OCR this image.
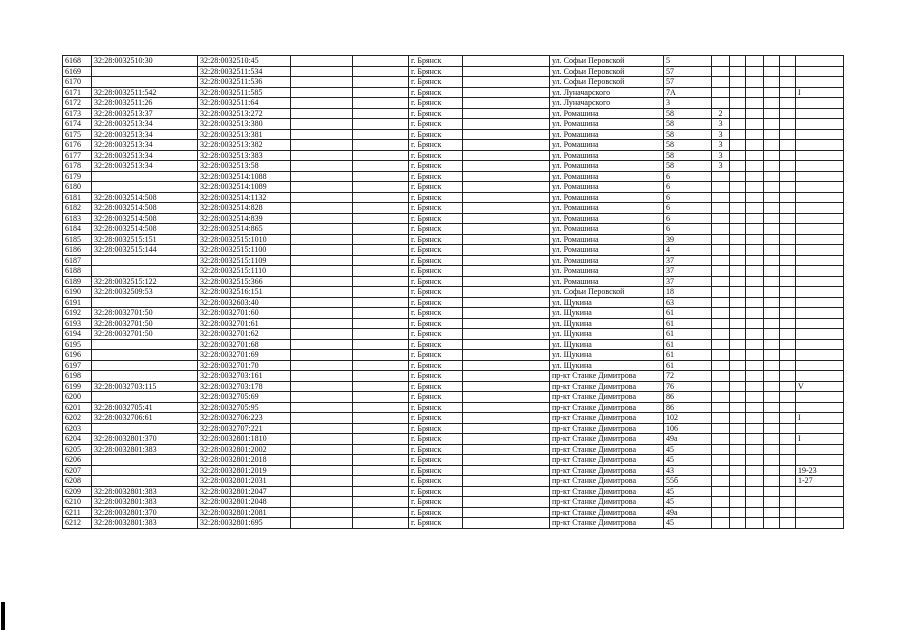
6168	32:28:0032510:30	32:28:0032510:45			г. Брянск		ул. Софьи Перовской	5						
6169		32:28:0032511:534			г. Брянск		ул. Софьи Перовской	57						
6170		32:28:0032511:536			г. Брянск		ул. Софьи Перовской	57						
6171	32:28:0032511:542	32:28:0032511:585			г. Брянск		ул. Луначарского	7А						I
6172	32:28:0032511:26	32:28:0032511:64			г. Брянск		ул. Луначарского	3						
6173	32:28:0032513:37	32:28:0032513:272			г. Брянск		ул. Ромашина	58	2					
6174	32:28:0032513:34	32:28:0032513:380			г. Брянск		ул. Ромашина	58	3					
6175	32:28:0032513:34	32:28:0032513:381			г. Брянск		ул. Ромашина	58	3					
6176	32:28:0032513:34	32:28:0032513:382			г. Брянск		ул. Ромашина	58	3					
6177	32:28:0032513:34	32:28:0032513:383			г. Брянск		ул. Ромашина	58	3					
6178	32:28:0032513:34	32:28:0032513:58			г. Брянск		ул. Ромашина	58	3					
6179		32:28:0032514:1088			г. Брянск		ул. Ромашина	6						
6180		32:28:0032514:1089			г. Брянск		ул. Ромашина	6						
6181	32:28:0032514:508	32:28:0032514:1132			г. Брянск		ул. Ромашина	6						
6182	32:28:0032514:508	32:28:0032514:828			г. Брянск		ул. Ромашина	6						
6183	32:28:0032514:508	32:28:0032514:839			г. Брянск		ул. Ромашина	6						
6184	32:28:0032514:508	32:28:0032514:865			г. Брянск		ул. Ромашина	6						
6185	32:28:0032515:151	32:28:0032515:1010			г. Брянск		ул. Ромашина	39						
6186	32:28:0032515:144	32:28:0032515:1100			г. Брянск		ул. Ромашина	4						
6187		32:28:0032515:1109			г. Брянск		ул. Ромашина	37						
6188		32:28:0032515:1110			г. Брянск		ул. Ромашина	37						
6189	32:28:0032515:122	32:28:0032515:366			г. Брянск		ул. Ромашина	37						
6190	32:28:0032509:53	32:28:0032516:151			г. Брянск		ул. Софьи Перовской	18						
6191		32:28:0032603:40			г. Брянск		ул. Щукина	63						
6192	32:28:0032701:50	32:28:0032701:60			г. Брянск		ул. Щукина	61						
6193	32:28:0032701:50	32:28:0032701:61			г. Брянск		ул. Щукина	61						
6194	32:28:0032701:50	32:28:0032701:62			г. Брянск		ул. Щукина	61						
6195		32:28:0032701:68			г. Брянск		ул. Щукина	61						
6196		32:28:0032701:69			г. Брянск		ул. Щукина	61						
6197		32:28:0032701:70			г. Брянск		ул. Щукина	61						
6198		32:28:0032703:161			г. Брянск		пр-кт Станке Димитрова	72						
6199	32:28:0032703:115	32:28:0032703:178			г. Брянск		пр-кт Станке Димитрова	76						V
6200		32:28:0032705:69			г. Брянск		пр-кт Станке Димитрова	86						
6201	32:28:0032705:41	32:28:0032705:95			г. Брянск		пр-кт Станке Димитрова	86						
6202	32:28:0032706:61	32:28:0032706:223			г. Брянск		пр-кт Станке Димитрова	102						I
6203		32:28:0032707:221			г. Брянск		пр-кт Станке Димитрова	106						
6204	32:28:0032801:370	32:28:0032801:1810			г. Брянск		пр-кт Станке Димитрова	49а						I
6205	32:28:0032801:383	32:28:0032801:2002			г. Брянск		пр-кт Станке Димитрова	45						
6206		32:28:0032801:2018			г. Брянск		пр-кт Станке Димитрова	45						
6207		32:28:0032801:2019			г. Брянск		пр-кт Станке Димитрова	43						19-23
6208		32:28:0032801:2031			г. Брянск		пр-кт Станке Димитрова	55б						1-27
6209	32:28:0032801:383	32:28:0032801:2047			г. Брянск		пр-кт Станке Димитрова	45						
6210	32:28:0032801:383	32:28:0032801:2048			г. Брянск		пр-кт Станке Димитрова	45						
6211	32:28:0032801:370	32:28:0032801:2081			г. Брянск		пр-кт Станке Димитрова	49а						
6212	32:28:0032801:383	32:28:0032801:695			г. Брянск		пр-кт Станке Димитрова	45						
